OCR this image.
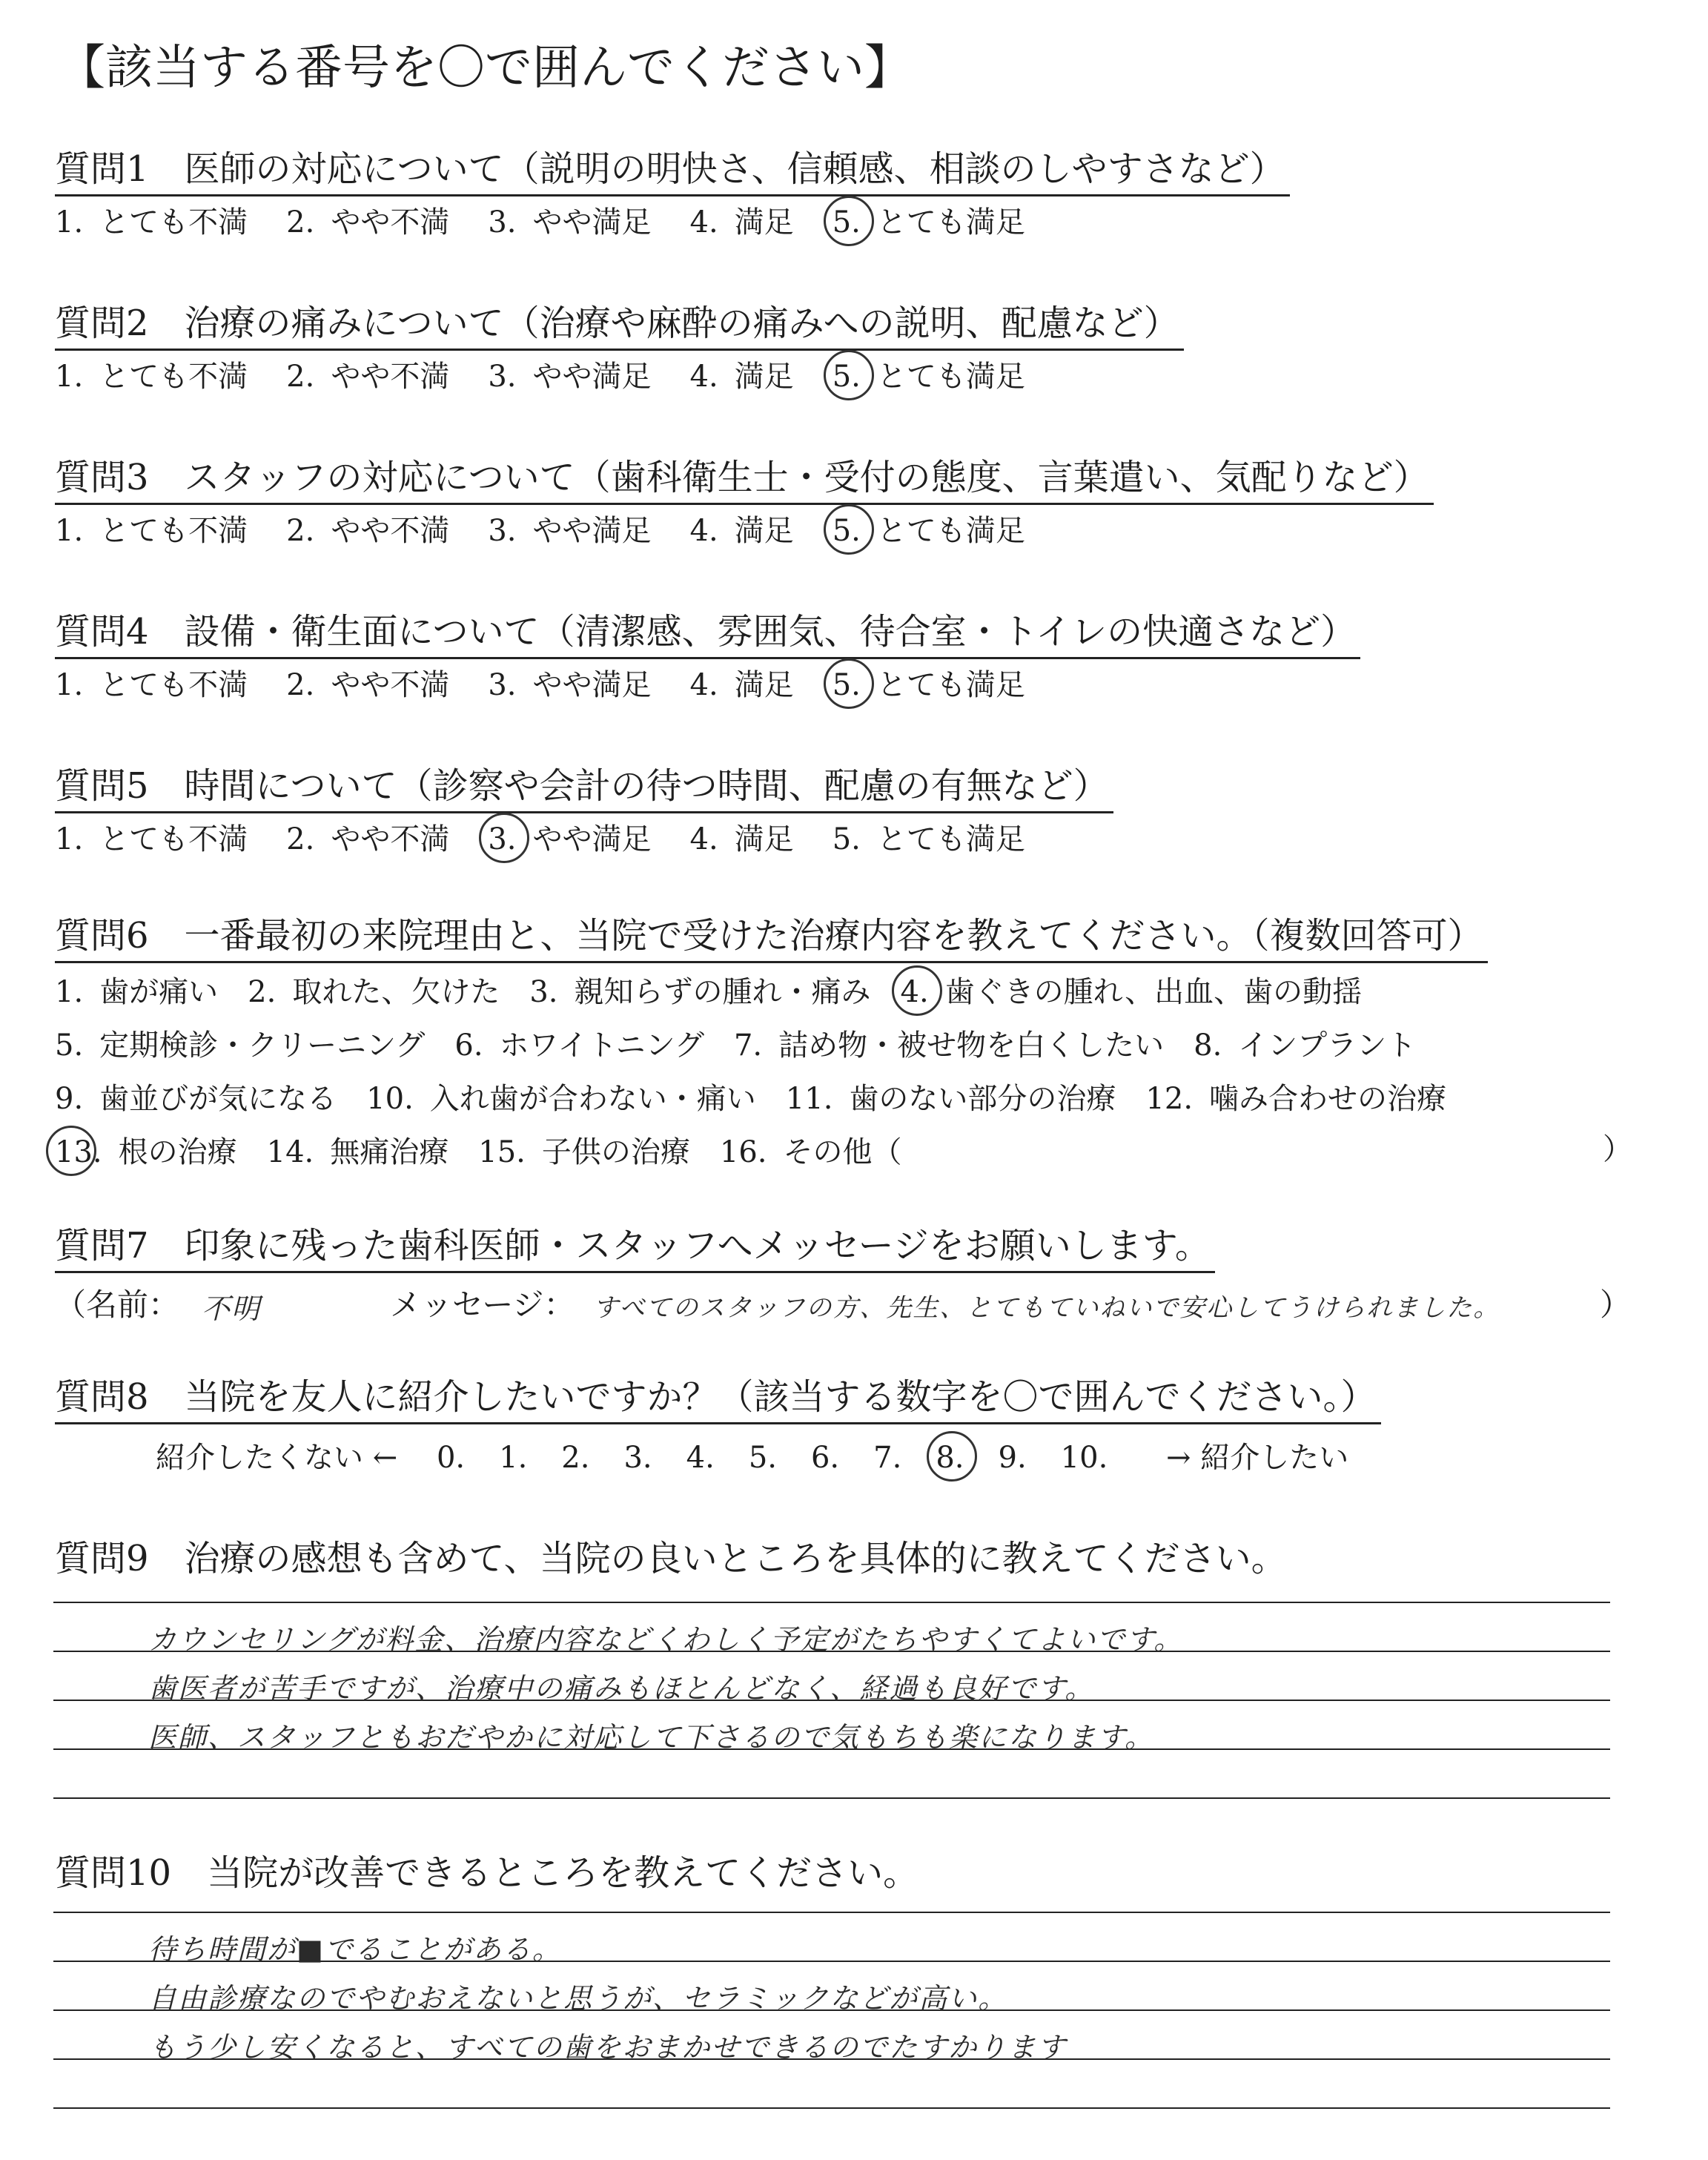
【該当する番号を〇で囲んでください】
質問1　医師の対応について（説明の明快さ、信頼感、相談のしやすさなど）
1. とても不満 2. やや不満 3. やや満足 4. 満足 5. とても満足
質問2　治療の痛みについて（治療や麻酔の痛みへの説明、配慮など）
1. とても不満 2. やや不満 3. やや満足 4. 満足 5. とても満足
質問3　スタッフの対応について（歯科衛生士・受付の態度、言葉遣い、気配りなど）
1. とても不満 2. やや不満 3. やや満足 4. 満足 5. とても満足
質問4　設備・衛生面について（清潔感、雰囲気、待合室・トイレの快適さなど）
1. とても不満 2. やや不満 3. やや満足 4. 満足 5. とても満足
質問5　時間について（診察や会計の待つ時間、配慮の有無など）
1. とても不満 2. やや不満 3. やや満足 4. 満足 5. とても満足
質問6　一番最初の来院理由と、当院で受けた治療内容を教えてください。（複数回答可）
1. 歯が痛い 2. 取れた、欠けた 3. 親知らずの腫れ・痛み 4. 歯ぐきの腫れ、出血、歯の動揺
5. 定期検診・クリーニング 6. ホワイトニング 7. 詰め物・被せ物を白くしたい 8. インプラント
9. 歯並びが気になる 10. 入れ歯が合わない・痛い 11. 歯のない部分の治療 12. 噛み合わせの治療
13. 根の治療 14. 無痛治療 15. 子供の治療 16. その他（	）
質問7　印象に残った歯科医師・スタッフへメッセージをお願いします。
（名前： 不明	メッセージ： すべてのスタッフの方、先生、とてもていねいで安心してうけられました。	）
質問8　当院を友人に紹介したいですか？（該当する数字を〇で囲んでください。）
紹介したくない ← 0. 1. 2. 3. 4. 5. 6. 7. 8. 9. 10. → 紹介したい
質問9　治療の感想も含めて、当院の良いところを具体的に教えてください。
カウンセリングが料金、治療内容などくわしく予定がたちやすくてよいです。
歯医者が苦手ですが、治療中の痛みもほとんどなく、経過も良好です。
医師、スタッフともおだやかに対応して下さるので気もちも楽になります。
質問10　当院が改善できるところを教えてください。
待ち時間が■でることがある。
自由診療なのでやむおえないと思うが、セラミックなどが高い。
もう少し安くなると、すべての歯をおまかせできるのでたすかります
